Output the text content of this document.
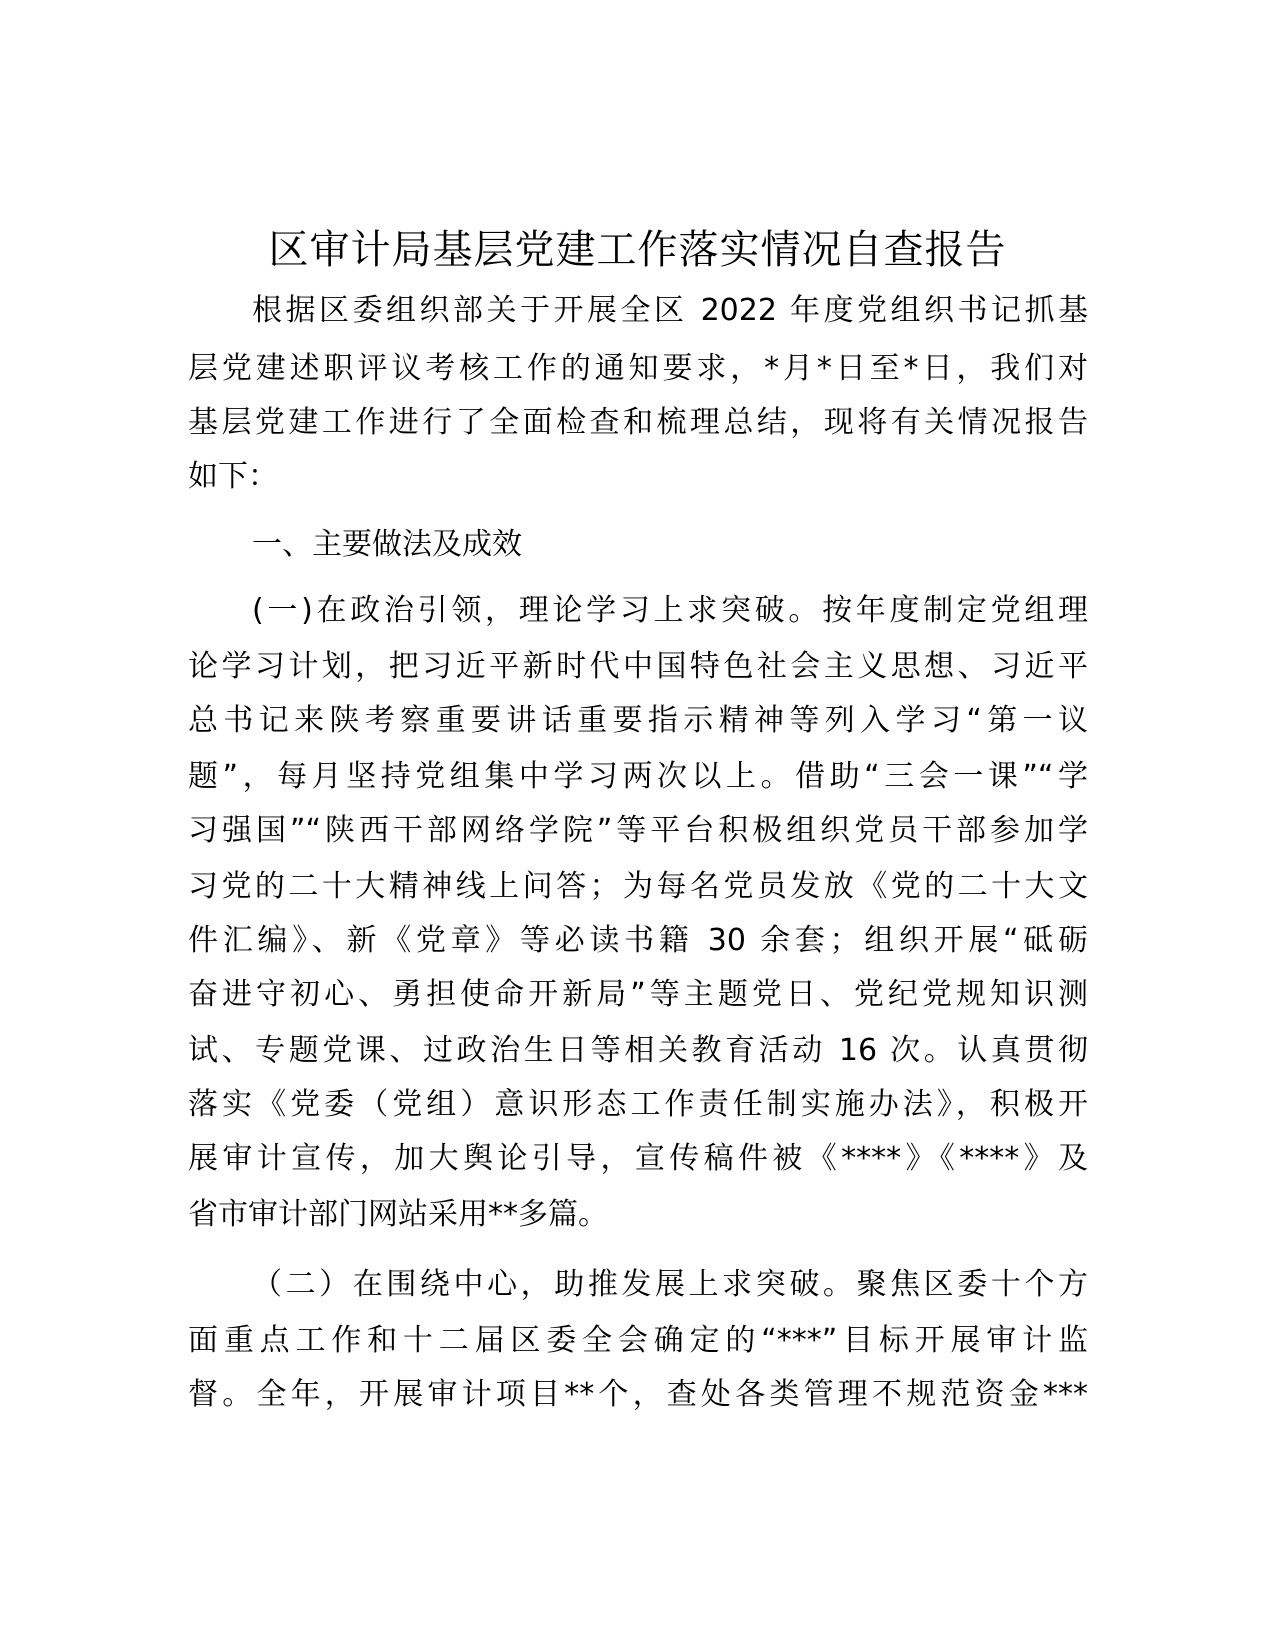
区审计局基层党建工作落实情况自查报告

根据区委组织部关于开展全区 2022 年度党组织书记抓基

层党建述职评议考核工作的通知要求，*月*日至*日，我们对

基层党建工作进行了全面检查和梳理总结，现将有关情况报告

如下：

一、主要做法及成效

(一)在政治引领，理论学习上求突破。按年度制定党组理

论学习计划，把习近平新时代中国特色社会主义思想、习近平

总书记来陕考察重要讲话重要指示精神等列入学习“第一议

题”，每月坚持党组集中学习两次以上。借助“三会一课”“学

习强国”“陕西干部网络学院”等平台积极组织党员干部参加学

习党的二十大精神线上问答；为每名党员发放《党的二十大文

件汇编》、新《党章》等必读书籍 30 余套；组织开展“砥砺

奋进守初心、勇担使命开新局”等主题党日、党纪党规知识测

试、专题党课、过政治生日等相关教育活动 16 次。认真贯彻

落实《党委（党组）意识形态工作责任制实施办法》，积极开

展审计宣传，加大舆论引导，宣传稿件被《****》《****》及

省市审计部门网站采用**多篇。

（二）在围绕中心，助推发展上求突破。聚焦区委十个方

面重点工作和十二届区委全会确定的“***”目标开展审计监

督。全年，开展审计项目**个，查处各类管理不规范资金***
